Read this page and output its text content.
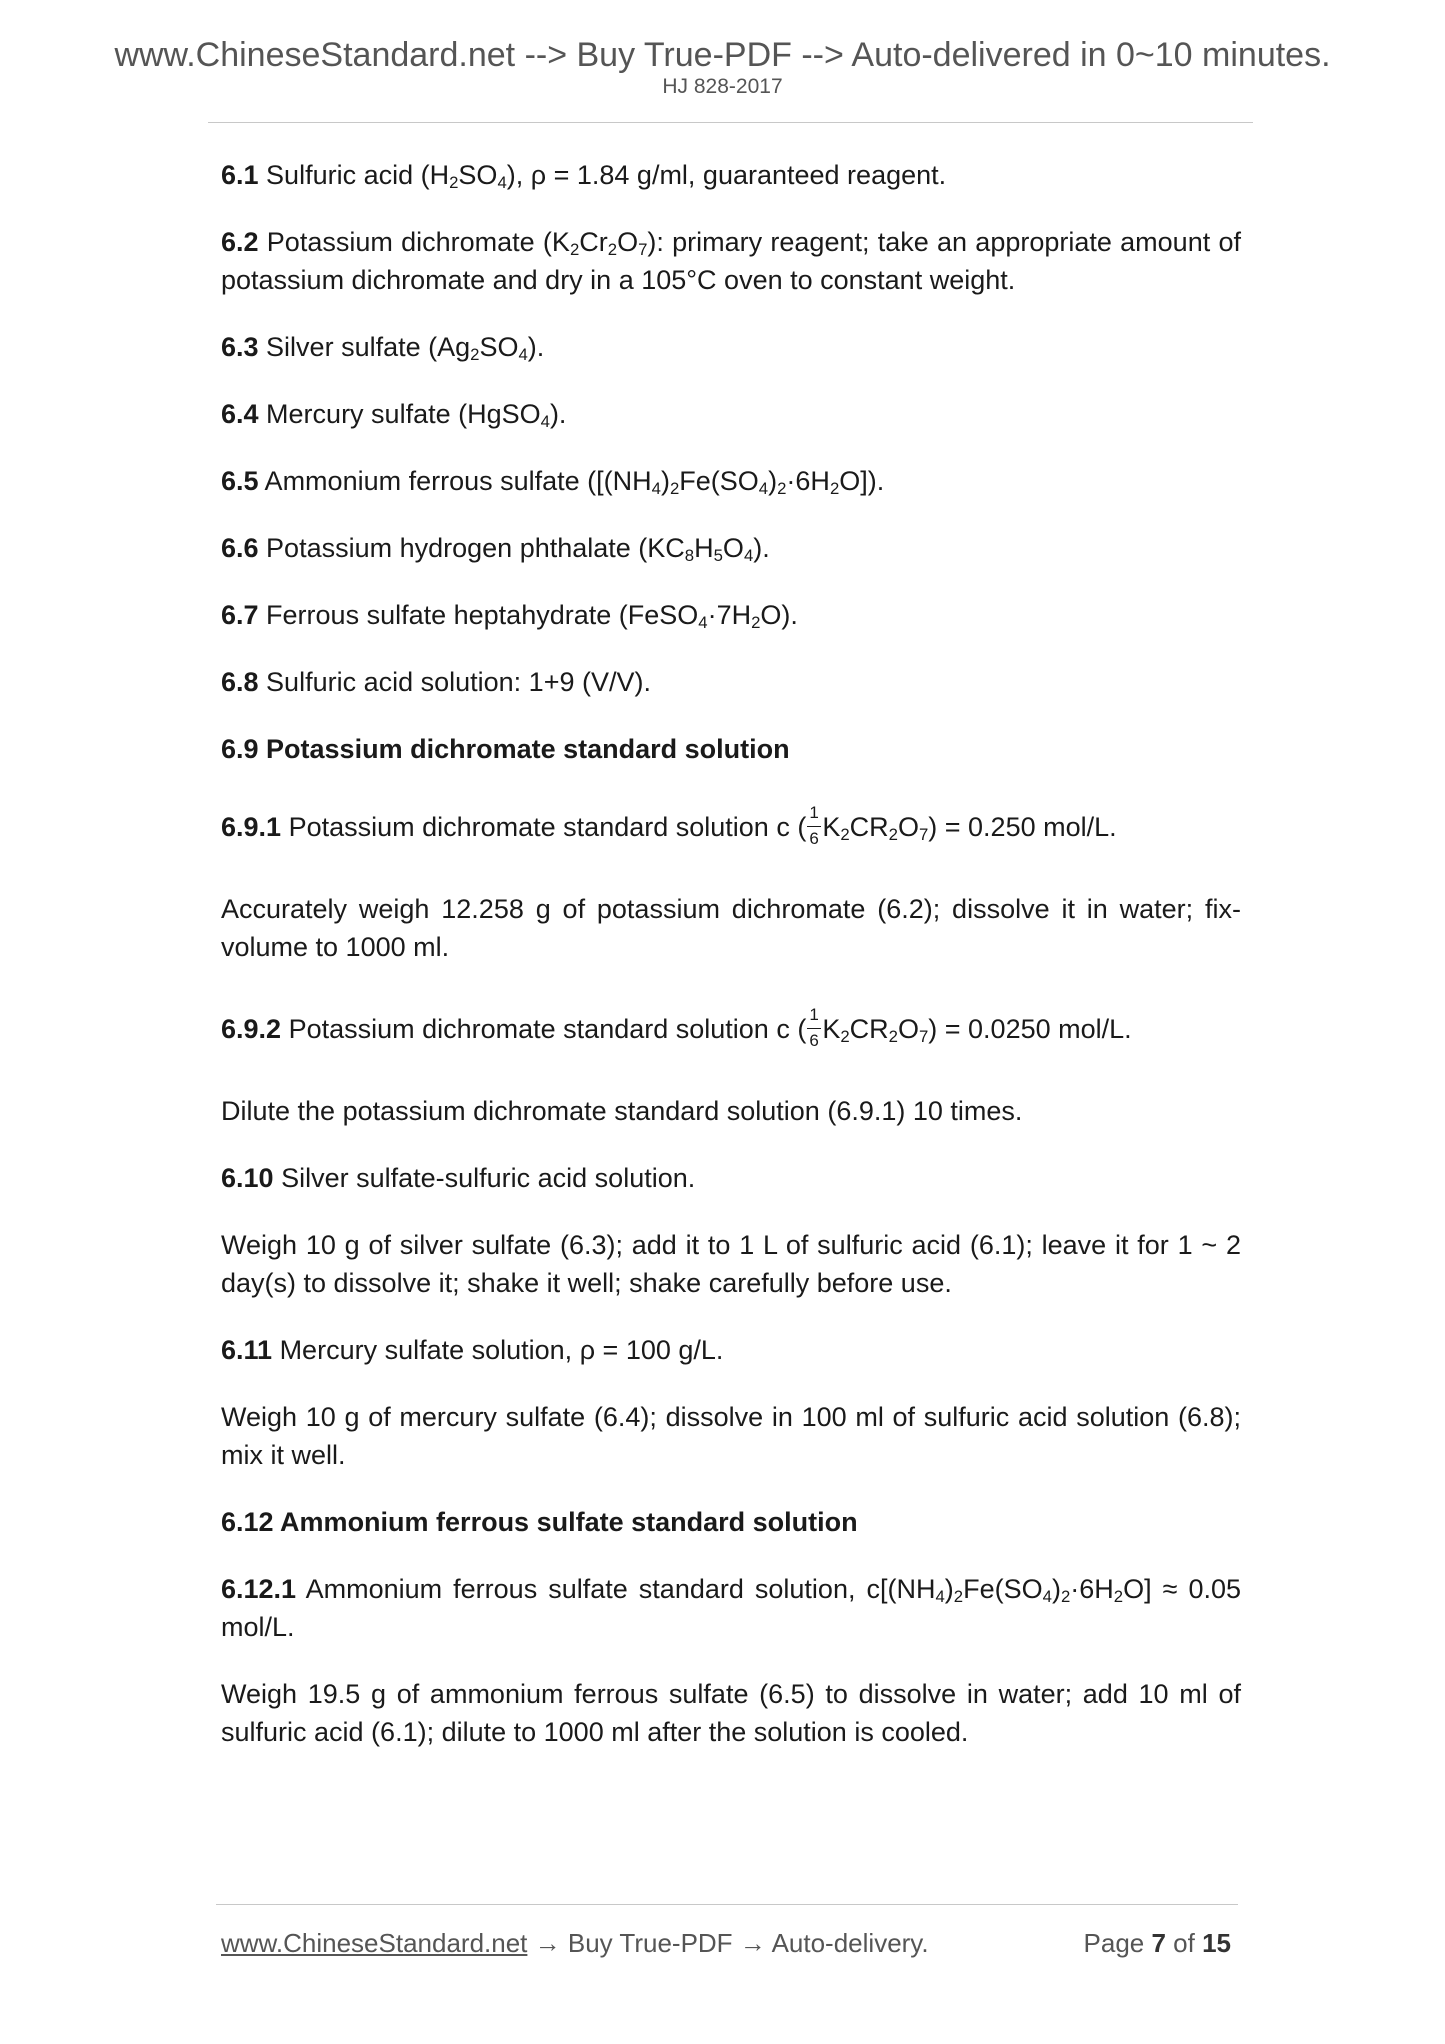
www.ChineseStandard.net --> Buy True-PDF --> Auto-delivered in 0~10 minutes.
HJ 828-2017

6.1 Sulfuric acid $(H_2SO_4)$, ρ = 1.84 g/ml, guaranteed reagent.

6.2 Potassium dichromate $(K_2Cr_2O_7)$: primary reagent; take an appropriate amount of potassium dichromate and dry in a 105°C oven to constant weight.

6.3 Silver sulfate $(Ag_2SO_4)$.

6.4 Mercury sulfate (HgSO$_4$).

6.5 Ammonium ferrous sulfate $([(NH_4)_2Fe(SO_4)_2\cdot 6H_2O])$.

6.6 Potassium hydrogen phthalate $(KC_8H_5O_4)$.

6.7 Ferrous sulfate heptahydrate $(FeSO_4\cdot 7H_2O)$.

6.8 Sulfuric acid solution: 1+9 (V/V).

6.9 Potassium dichromate standard solution

6.9.1 Potassium dichromate standard solution c ( $\frac{1}{6} K_2CR_2O_7) = 0.250$ mol/L.

Accurately weigh 12.258 g of potassium dichromate (6.2); dissolve it in water; fix-volume to 1000 ml.

6.9.2 Potassium dichromate standard solution c ( $\frac{1}{6} K_2CR_2O_7) = 0.0250$ mol/L.

Dilute the potassium dichromate standard solution (6.9.1) 10 times.

6.10 Silver sulfate-sulfuric acid solution.

Weigh 10 g of silver sulfate (6.3); add it to 1 L of sulfuric acid (6.1); leave it for 1 ~ 2 day(s) to dissolve it; shake it well; shake carefully before use.

6.11 Mercury sulfate solution, ρ = 100 g/L.

Weigh 10 g of mercury sulfate (6.4); dissolve in 100 ml of sulfuric acid solution (6.8); mix it well.

6.12 Ammonium ferrous sulfate standard solution

6.12.1 Ammonium ferrous sulfate standard solution, $c[(NH_4)_2Fe(SO_4)_2\cdot 6H_2O] \approx 0.05$ mol/L.

Weigh 19.5 g of ammonium ferrous sulfate (6.5) to dissolve in water; add 10 ml of sulfuric acid (6.1); dilute to 1000 ml after the solution is cooled.

www.ChineseStandard.net → Buy True-PDF → Auto-delivery.	Page 7 of 15
